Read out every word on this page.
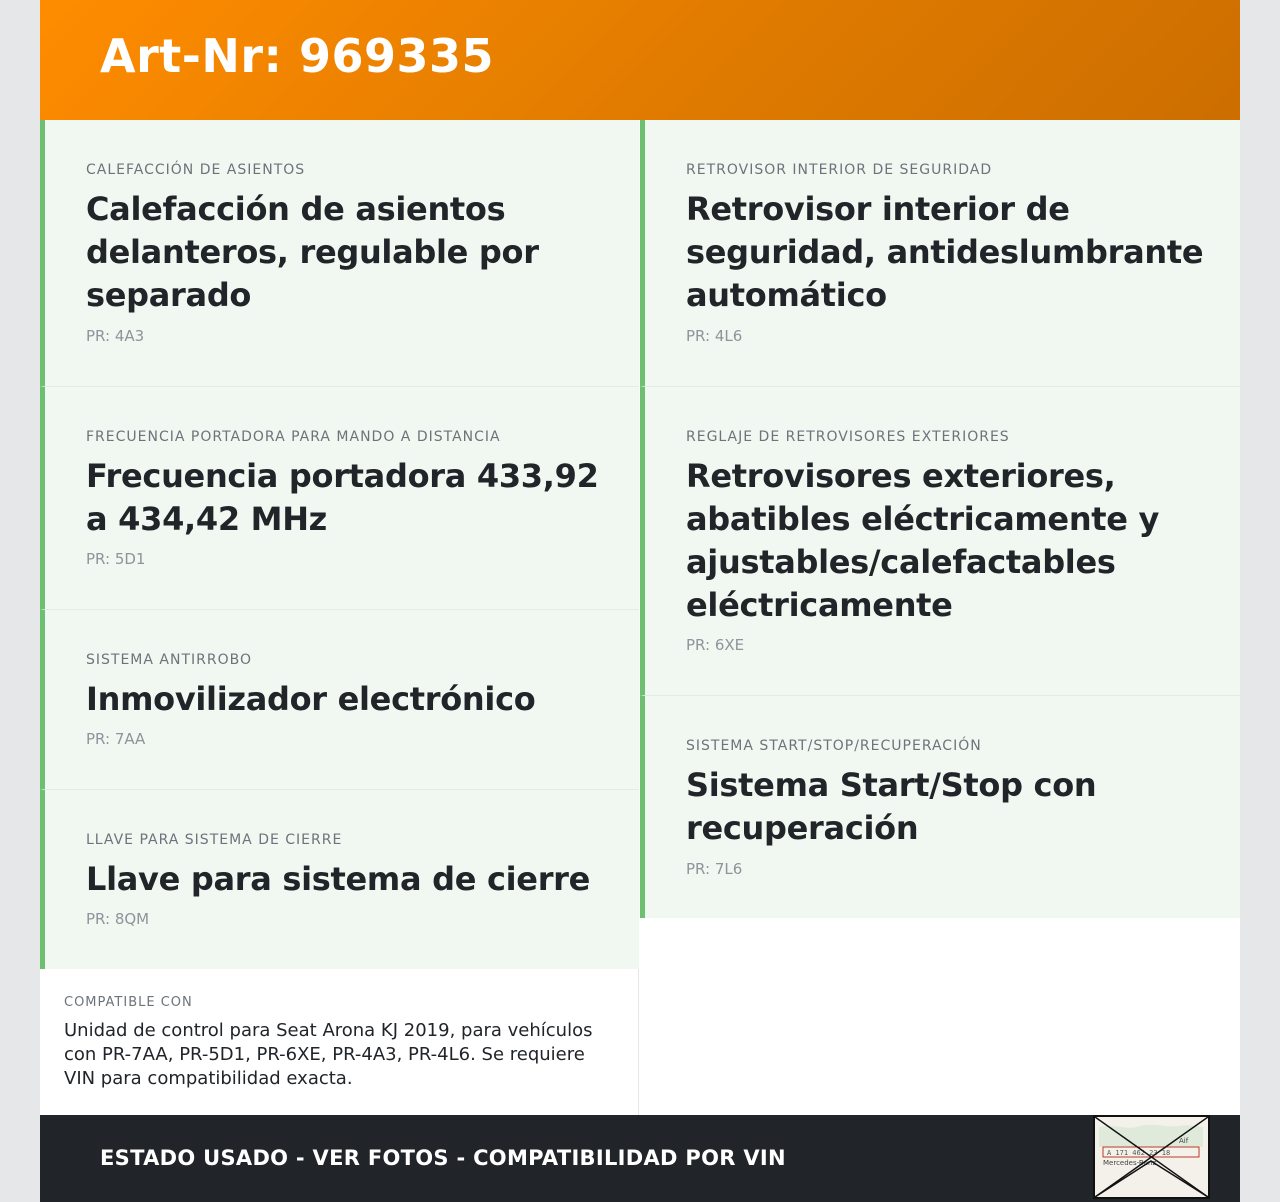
Art-Nr: 969335
CALEFACCIÓN DE ASIENTOS
Calefacción de asientos delanteros, regulable por separado
PR: 4A3
FRECUENCIA PORTADORA PARA MANDO A DISTANCIA
Frecuencia portadora 433,92 a 434,42 MHz
PR: 5D1
SISTEMA ANTIRROBO
Inmovilizador electrónico
PR: 7AA
LLAVE PARA SISTEMA DE CIERRE
Llave para sistema de cierre
PR: 8QM
RETROVISOR INTERIOR DE SEGURIDAD
Retrovisor interior de seguridad, antideslumbrante automático
PR: 4L6
REGLAJE DE RETROVISORES EXTERIORES
Retrovisores exteriores, abatibles eléctricamente y ajustables/calefactables eléctricamente
PR: 6XE
SISTEMA START/STOP/RECUPERACIÓN
Sistema Start/Stop con recuperación
PR: 7L6
COMPATIBLE CON
Unidad de control para Seat Arona KJ 2019, para vehículos con PR-7AA, PR-5D1, PR-6XE, PR-4A3, PR-4L6. Se requiere VIN para compatibilidad exacta.
ESTADO USADO - VER FOTOS - COMPATIBILIDAD POR VIN	A 171 462 23 18
Aif
Mercedes-Benz
